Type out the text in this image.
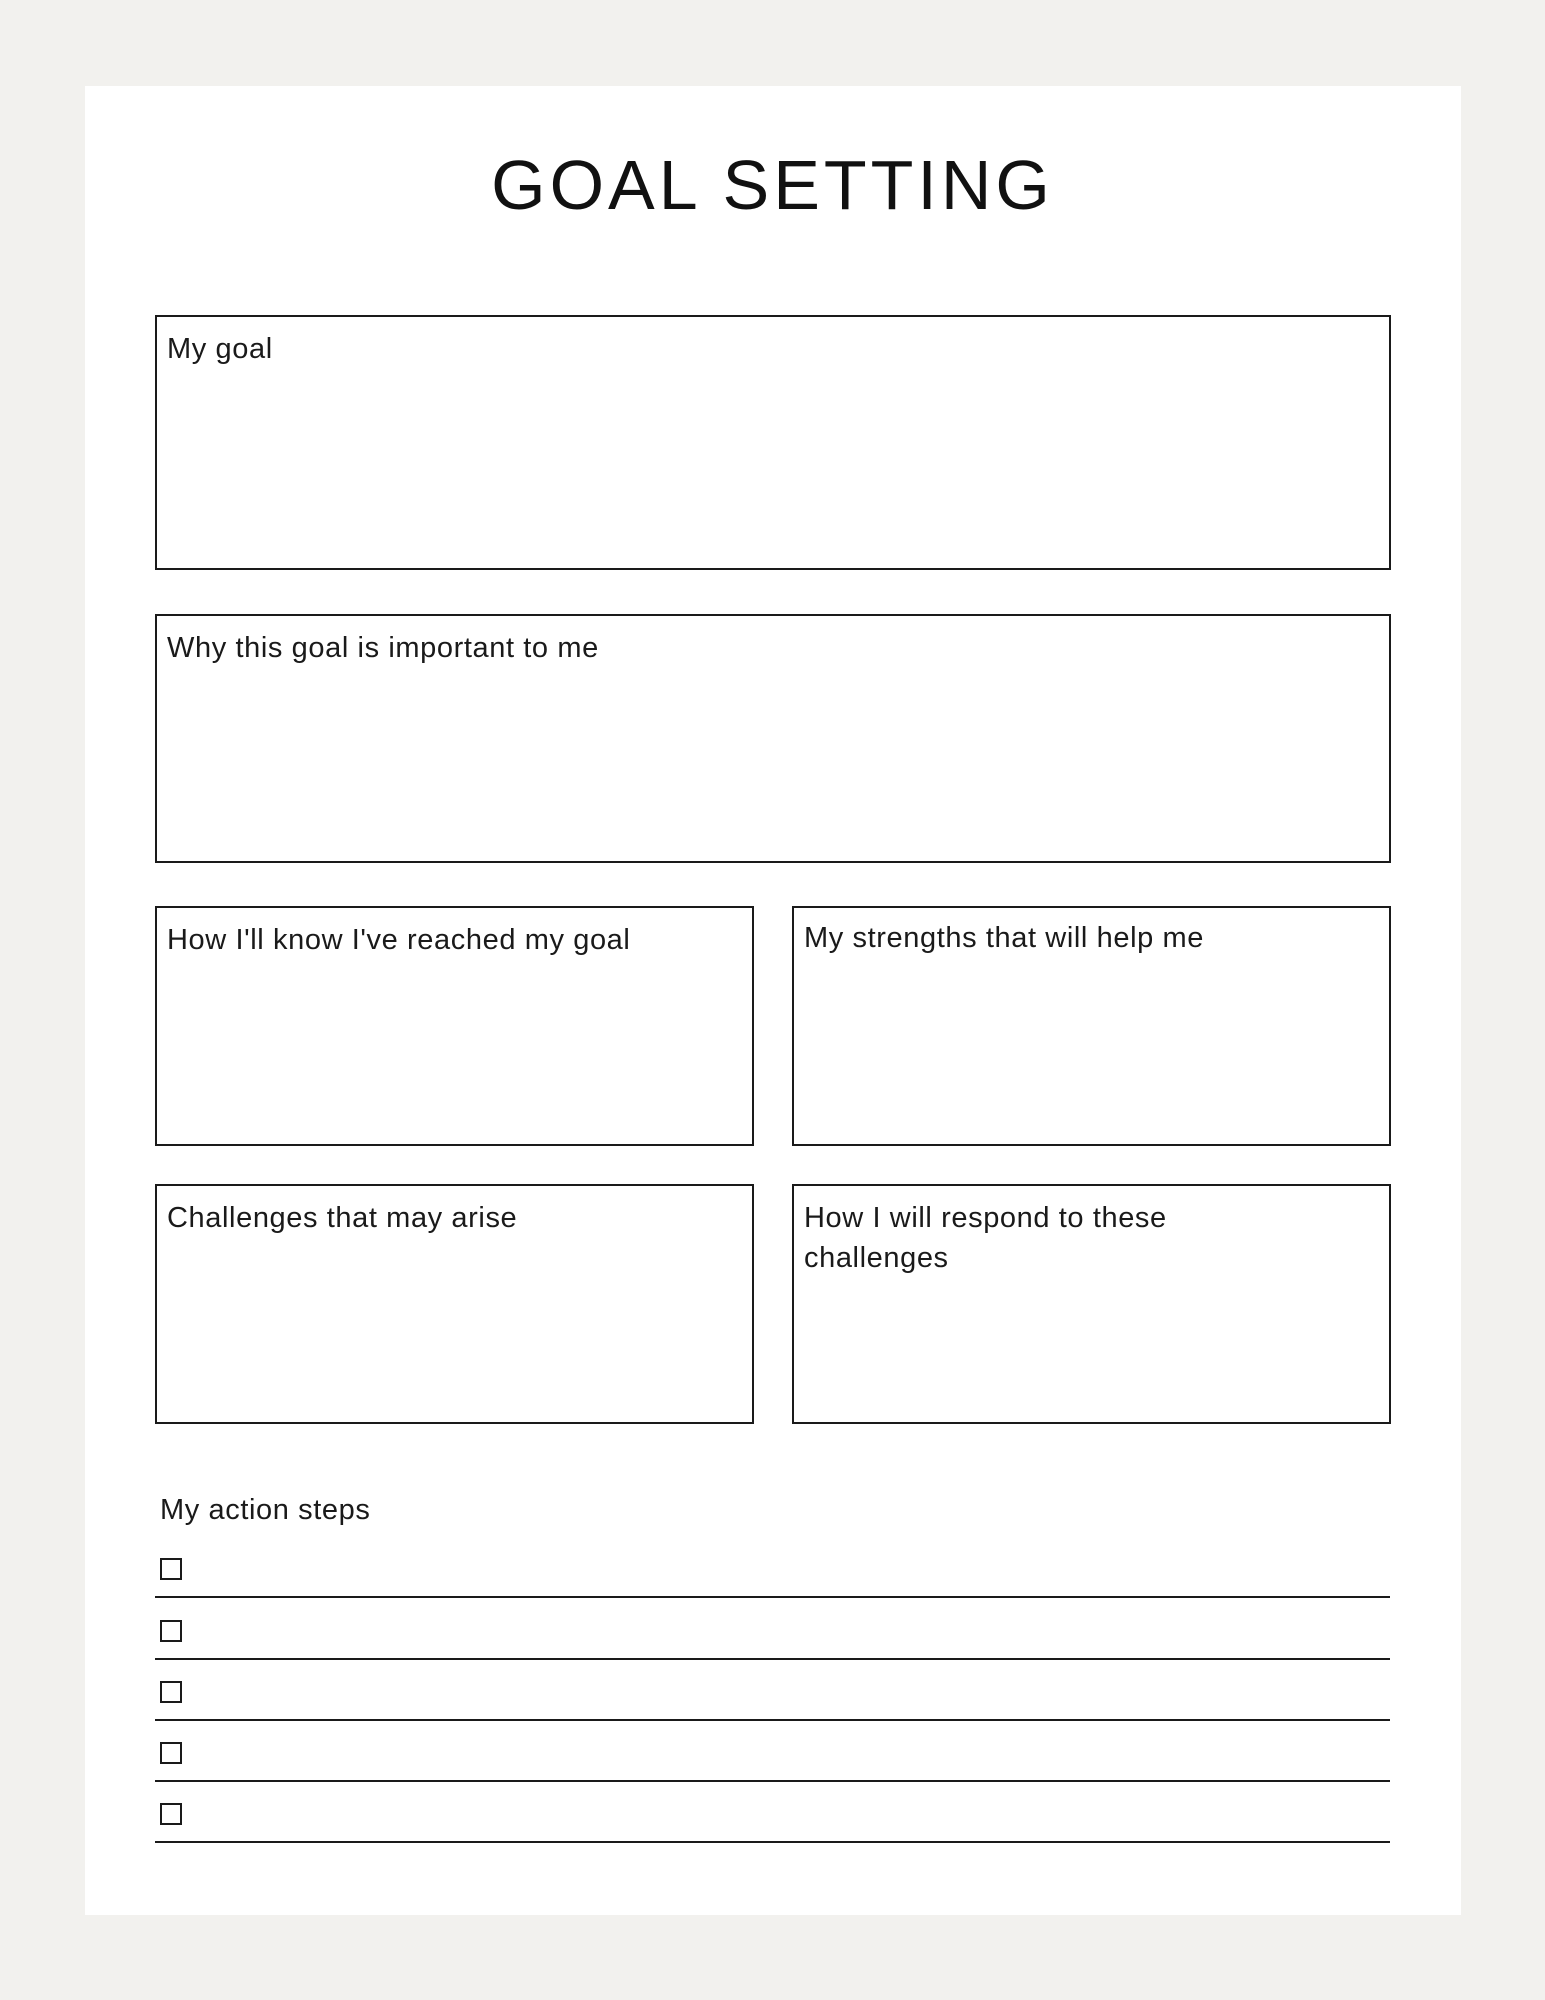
GOAL SETTING
My goal
Why this goal is important to me
How I'll know I've reached my goal	My strengths that will help me
Challenges that may arise	How I will respond to these challenges
My action steps
